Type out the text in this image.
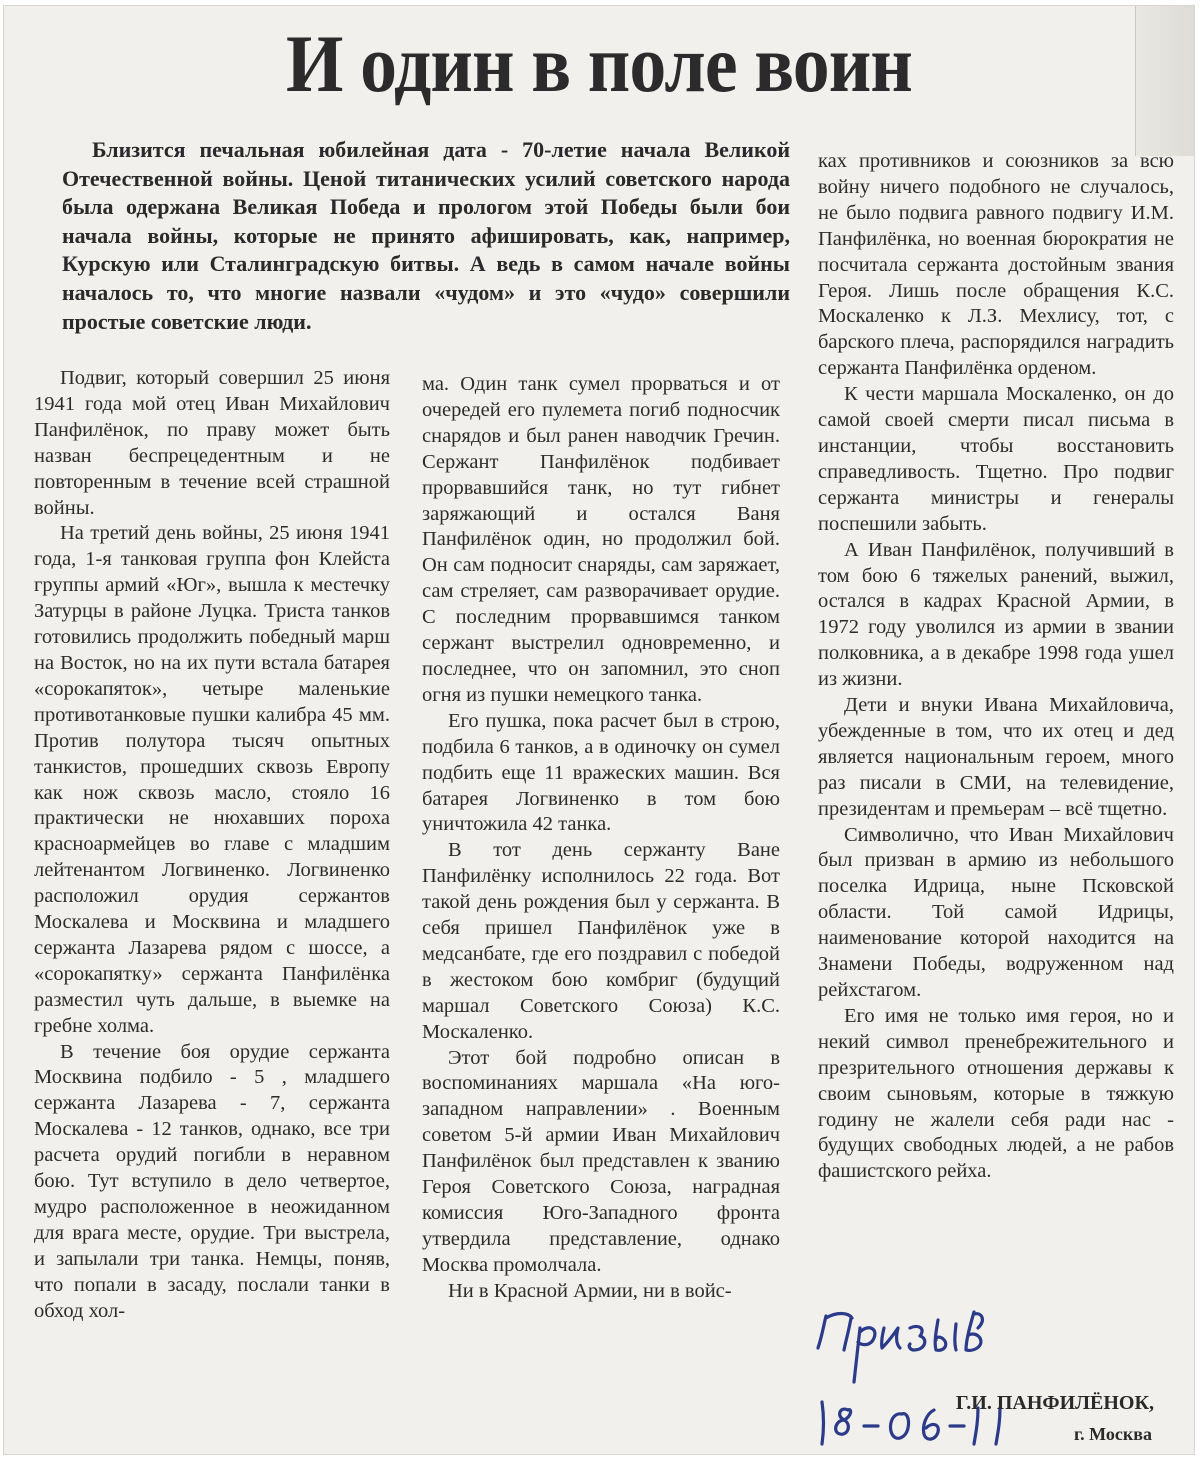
И один в поле воин

Близится печальная юбилейная дата - 70-летие начала Великой Отечественной войны. Ценой титанических усилий советского народа была одержана Великая Победа и прологом этой Победы были бои начала войны, которые не принято афишировать, как, например, Курскую или Сталинградскую битвы. А ведь в самом начале войны началось то, что многие назвали «чудом» и это «чудо» совершили простые советские люди.

Подвиг, который совершил 25 июня 1941 года мой отец Иван Михайлович Панфилёнок, по праву может быть назван беспрецедентным и не повторенным в течение всей страшной войны.

На третий день войны, 25 июня 1941 года, 1-я танковая группа фон Клейста группы армий «Юг», вышла к местечку Затурцы в районе Луцка. Триста танков готовились продолжить победный марш на Восток, но на их пути встала батарея «сорокапяток», четыре маленькие противотанковые пушки калибра 45 мм. Против полутора тысяч опытных танкистов, прошедших сквозь Европу как нож сквозь масло, стояло 16 практически не нюхавших пороха красноармейцев во главе с младшим лейтенантом Логвиненко. Логвиненко расположил орудия сержантов Москалева и Москвина и младшего сержанта Лазарева рядом с шоссе, а «сорокапятку» сержанта Панфилёнка разместил чуть дальше, в выемке на гребне холма.

В течение боя орудие сержанта Москвина подбило - 5 , младшего сержанта Лазарева - 7, сержанта Москалева - 12 танков, однако, все три расчета орудий погибли в неравном бою. Тут вступило в дело четвертое, мудро расположенное в неожиданном для врага месте, орудие. Три выстрела, и запылали три танка. Немцы, поняв, что попали в засаду, послали танки в обход хол-

ма. Один танк сумел прорваться и от очередей его пулемета погиб подносчик снарядов и был ранен наводчик Гречин. Сержант Панфилёнок подбивает прорвавшийся танк, но тут гибнет заряжающий и остался Ваня Панфилёнок один, но продолжил бой. Он сам подносит снаряды, сам заряжает, сам стреляет, сам разворачивает орудие. С последним прорвавшимся танком сержант выстрелил одновременно, и последнее, что он запомнил, это сноп огня из пушки немецкого танка.

Его пушка, пока расчет был в строю, подбила 6 танков, а в одиночку он сумел подбить еще 11 вражеских машин. Вся батарея Логвиненко в том бою уничтожила 42 танка.

В тот день сержанту Ване Панфилёнку исполнилось 22 года. Вот такой день рождения был у сержанта. В себя пришел Панфилёнок уже в медсанбате, где его поздравил с победой в жестоком бою комбриг (будущий маршал Советского Союза) К.С. Москаленко.

Этот бой подробно описан в воспоминаниях маршала «На юго-западном направлении» . Военным советом 5-й армии Иван Михайлович Панфилёнок был представлен к званию Героя Советского Союза, наградная комиссия Юго-Западного фронта утвердила представление, однако Москва промолчала.

Ни в Красной Армии, ни в войс-

ках противников и союзников за всю войну ничего подобного не случалось, не было подвига равного подвигу И.М. Панфилёнка, но военная бюрократия не посчитала сержанта достойным звания Героя. Лишь после обращения К.С. Москаленко к Л.З. Мехлису, тот, с барского плеча, распорядился наградить сержанта Панфилёнка орденом.

К чести маршала Москаленко, он до самой своей смерти писал письма в инстанции, чтобы восстановить справедливость. Тщетно. Про подвиг сержанта министры и генералы поспешили забыть.

А Иван Панфилёнок, получивший в том бою 6 тяжелых ранений, выжил, остался в кадрах Красной Армии, в 1972 году уволился из армии в звании полковника, а в декабре 1998 года ушел из жизни.

Дети и внуки Ивана Михайловича, убежденные в том, что их отец и дед является национальным героем, много раз писали в СМИ, на телевидение, президентам и премьерам – всё тщетно.

Символично, что Иван Михайлович был призван в армию из небольшого поселка Идрица, ныне Псковской области. Той самой Идрицы, наименование которой находится на Знамени Победы, водруженном над рейхстагом.

Его имя не только имя героя, но и некий символ пренебрежительного и презрительного отношения державы к своим сыновьям, которые в тяжкую годину не жалели себя ради нас - будущих свободных людей, а не рабов фашистского рейха.

Г.И. ПАНФИЛЁНОК,

г. Москва
